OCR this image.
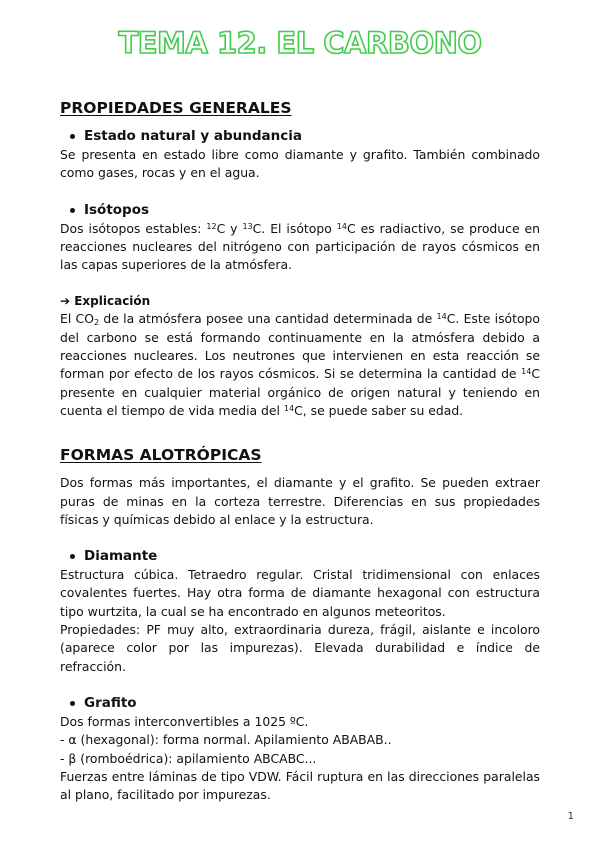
TEMA 12. EL CARBONO
PROPIEDADES GENERALES

Estado natural y abundancia

Se presenta en estado libre como diamante y grafito. También combinado como gases, rocas y en el agua.

Isótopos

Dos isótopos estables: $^{12}$C y $^{13}$C. El isótopo $^{14}$C es radiactivo, se produce en reacciones nucleares del nitrógeno con participación de rayos cósmicos en las capas superiores de la atmósfera.

➔ Explicación

El $CO_2$ de la atmósfera posee una cantidad determinada de $^{14}$C. Este isótopo del carbono se está formando continuamente en la atmósfera debido a reacciones nucleares. Los neutrones que intervienen en esta reacción se forman por efecto de los rayos cósmicos. Si se determina la cantidad de $^{14}$C presente en cualquier material orgánico de origen natural y teniendo en cuenta el tiempo de vida media del $^{14}$C, se puede saber su edad.

FORMAS ALOTRÓPICAS

Dos formas más importantes, el diamante y el grafito. Se pueden extraer puras de minas en la corteza terrestre. Diferencias en sus propiedades físicas y químicas debido al enlace y la estructura.

Diamante

Estructura cúbica. Tetraedro regular. Cristal tridimensional con enlaces covalentes fuertes. Hay otra forma de diamante hexagonal con estructura tipo wurtzita, la cual se ha encontrado en algunos meteoritos.

Propiedades: PF muy alto, extraordinaria dureza, frágil, aislante e incoloro (aparece color por las impurezas). Elevada durabilidad e índice de refracción.

Grafito

Dos formas interconvertibles a 1025 ºC.

- α (hexagonal): forma normal. Apilamiento ABABAB..

- β (romboédrica): apilamiento ABCABC...

Fuerzas entre láminas de tipo VDW. Fácil ruptura en las direcciones paralelas al plano, facilitado por impurezas.

1
